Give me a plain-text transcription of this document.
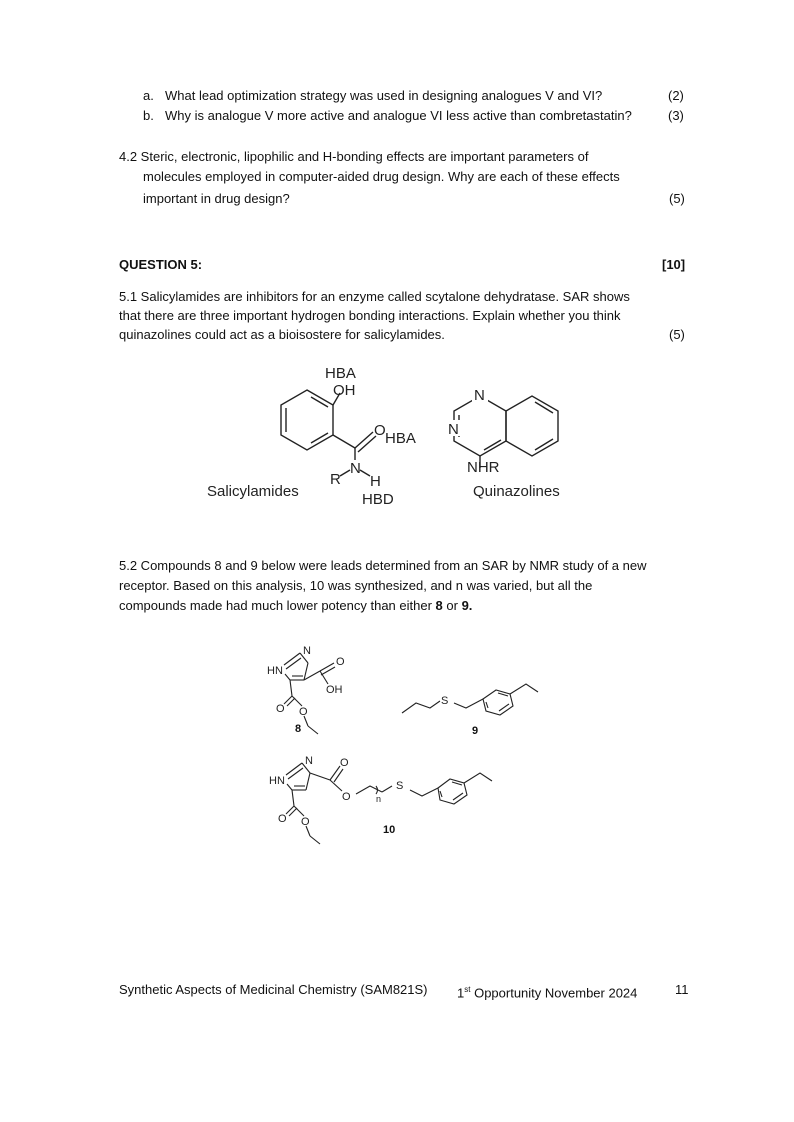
a. What lead optimization strategy was used in designing analogues V and VI?	(2)
b. Why is analogue V more active and analogue VI less active than combretastatin?	(3)
4.2 Steric, electronic, lipophilic and H-bonding effects are important parameters of
molecules employed in computer-aided drug design. Why are each of these effects
important in drug design?	(5)
QUESTION 5:	[10]
5.1 Salicylamides are inhibitors for an enzyme called scytalone dehydratase. SAR shows
that there are three important hydrogen bonding interactions. Explain whether you think
quinazolines could act as a bioisostere for salicylamides.	(5)
HBA
OH
O HBA
N
R H
HBD
Salicylamides
N
N
NHR
Quinazolines
5.2 Compounds 8 and 9 below were leads determined from an SAR by NMR study of a new
receptor. Based on this analysis, 10 was synthesized, and n was varied, but all the
compounds made had much lower potency than either 8 or 9.
HN
N
O
OH
O O
S
HN
N O
O	n
S
O O
8	9
10
Synthetic Aspects of Medicinal Chemistry (SAM821S) 1st Opportunity November 2024	11
